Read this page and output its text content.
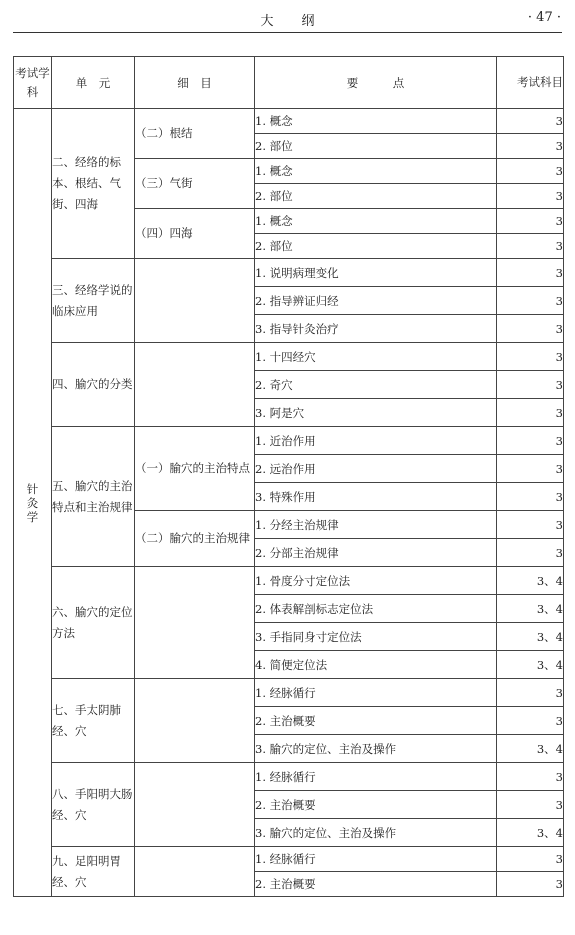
大 纲	· 47 ·
考试学科	单　元	细　目	要　　　点	考试科目

针灸学	二、经络的标本、根结、气街、四海	（二）根结	1. 概念	3
			2. 部位	3
		（三）气街	1. 概念	3
			2. 部位	3
		（四）四海	1. 概念	3
			2. 部位	3
	三、经络学说的临床应用		1. 说明病理变化	3
			2. 指导辨证归经	3
			3. 指导针灸治疗	3
	四、腧穴的分类		1. 十四经穴	3
			2. 奇穴	3
			3. 阿是穴	3
	五、腧穴的主治特点和主治规律	（一）腧穴的主治特点	1. 近治作用	3
			2. 远治作用	3
			3. 特殊作用	3
		（二）腧穴的主治规律	1. 分经主治规律	3
			2. 分部主治规律	3
	六、腧穴的定位方法		1. 骨度分寸定位法	3、4
			2. 体表解剖标志定位法	3、4
			3. 手指同身寸定位法	3、4
			4. 简便定位法	3、4
	七、手太阴肺经、穴		1. 经脉循行	3
			2. 主治概要	3
			3. 腧穴的定位、主治及操作	3、4
	八、手阳明大肠经、穴		1. 经脉循行	3
			2. 主治概要	3
			3. 腧穴的定位、主治及操作	3、4
	九、足阳明胃经、穴		1. 经脉循行	3
			2. 主治概要	3
